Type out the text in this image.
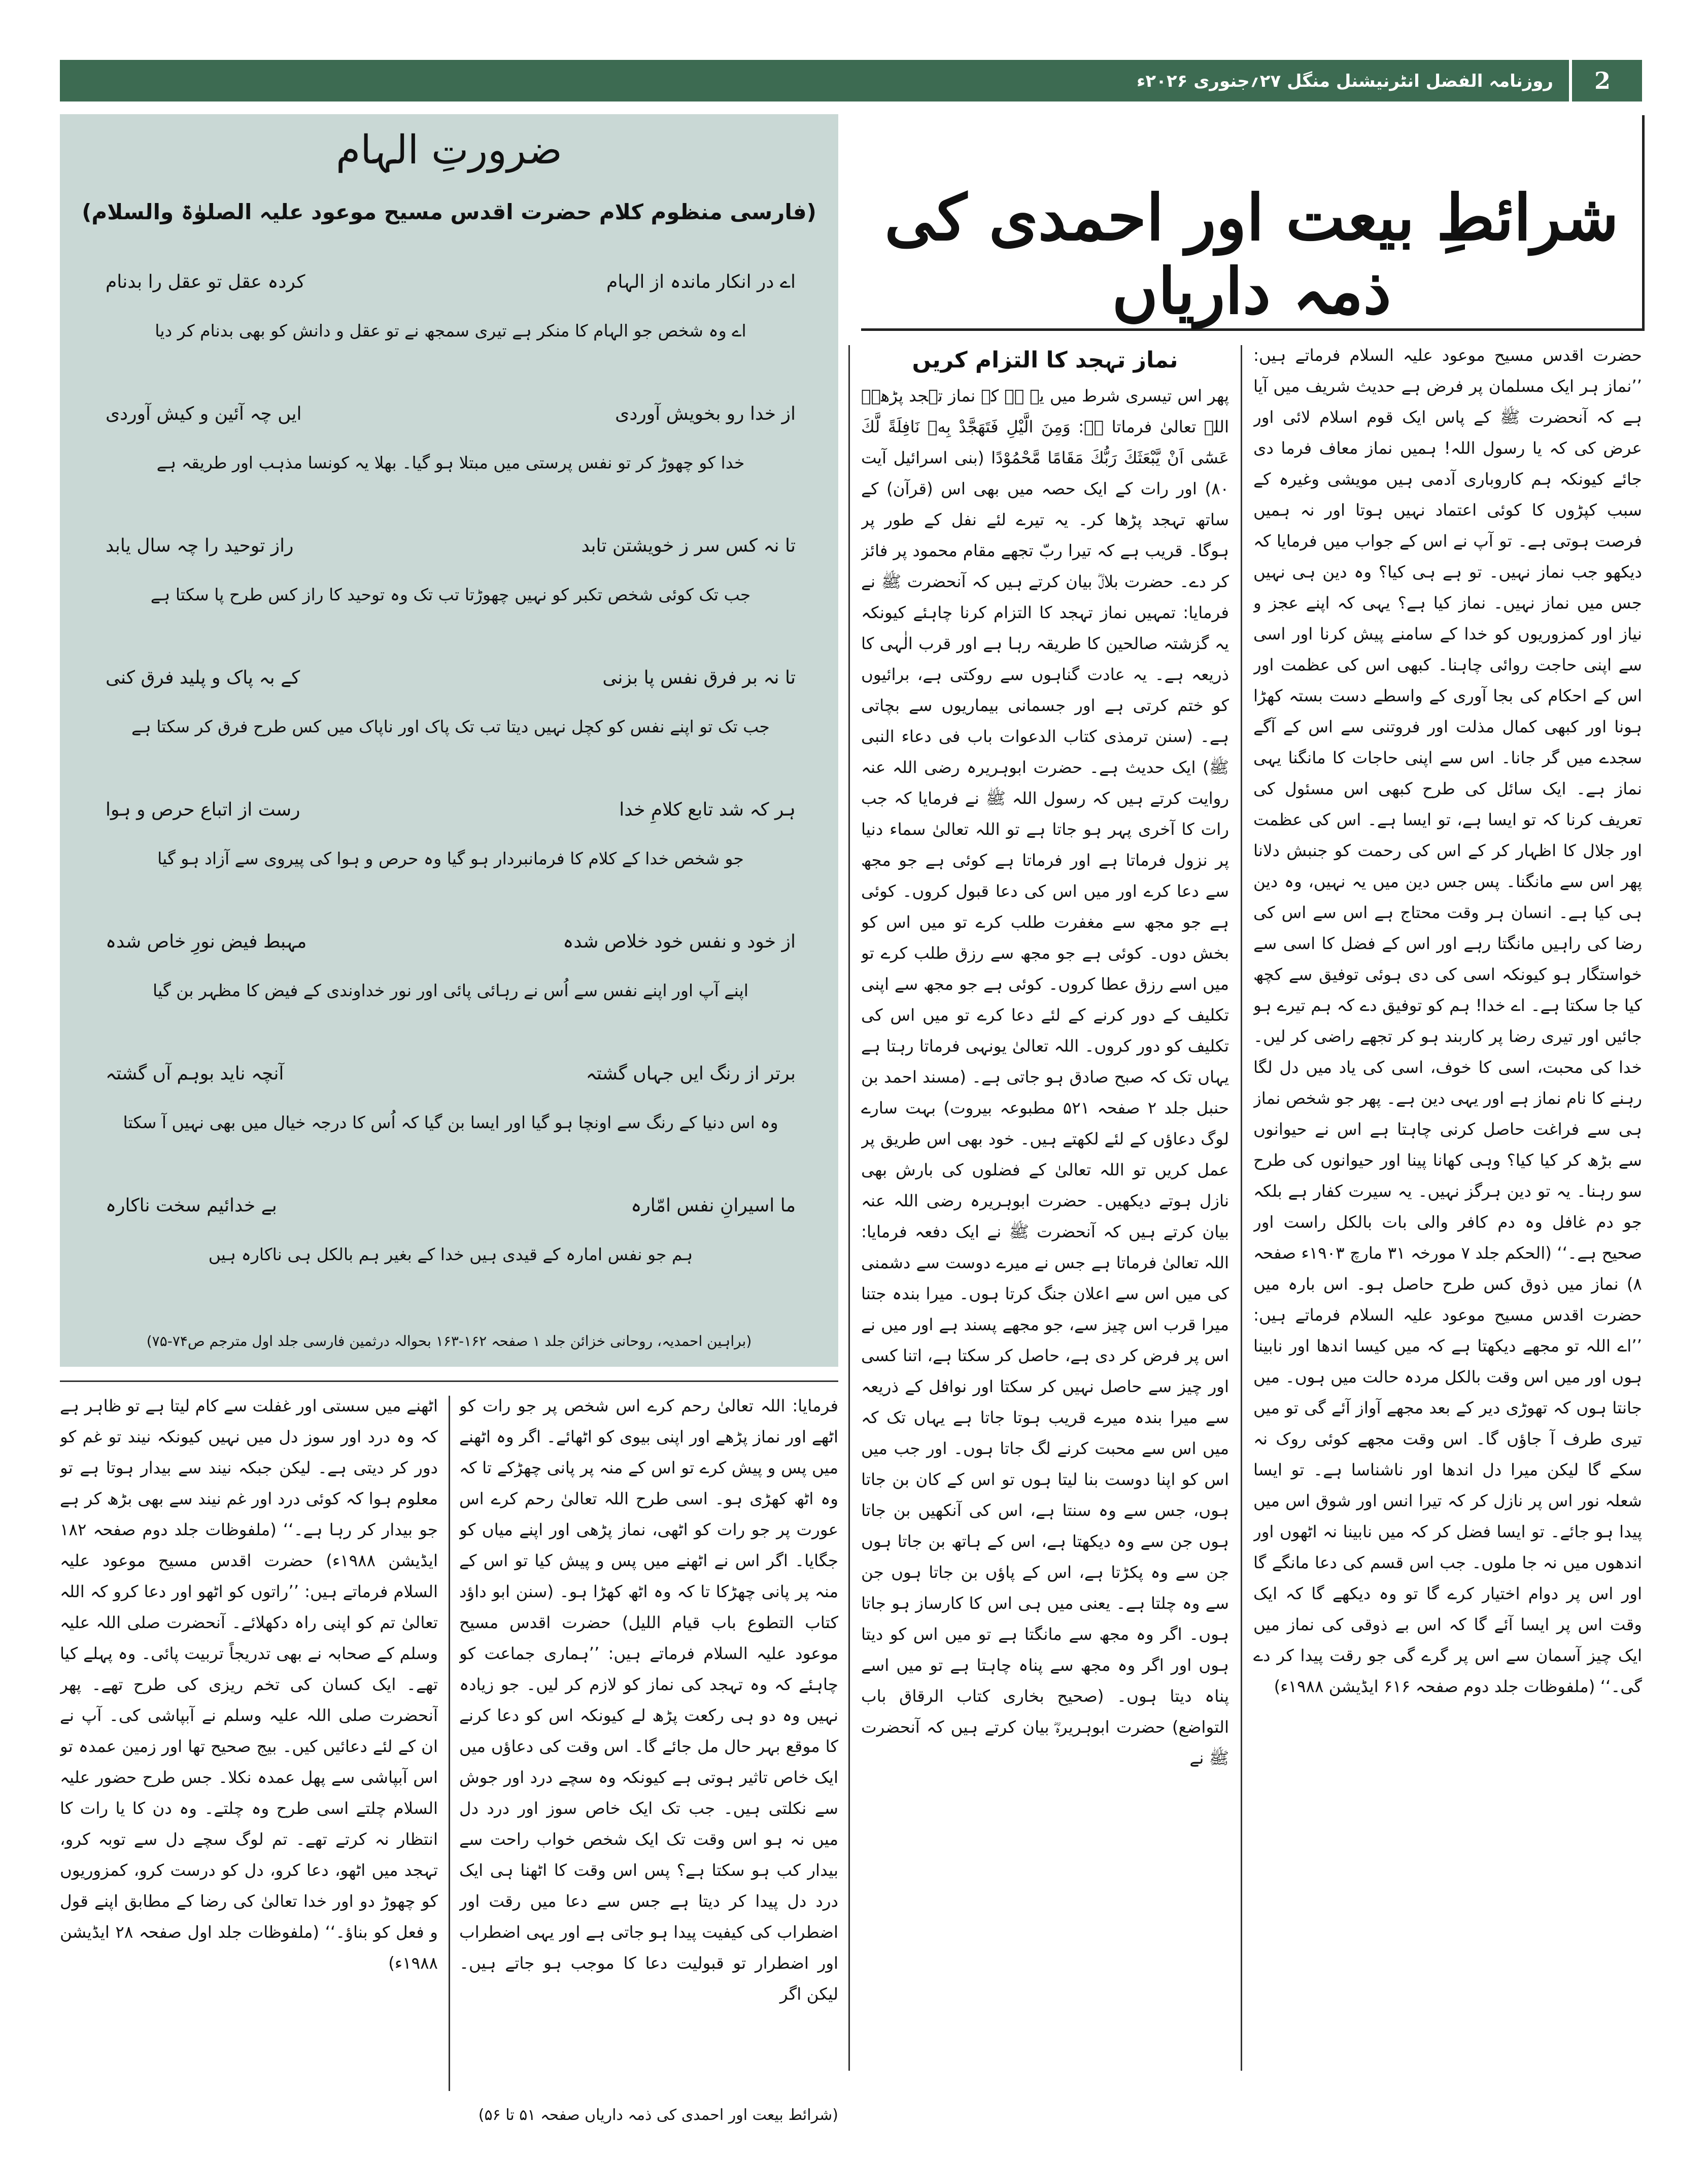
2
روزنامہ الفضل انٹرنیشنل منگل ۲۷؍جنوری ۲۰۲۶ء
ضرورتِ الہام
(فارسی منظوم کلام حضرت اقدس مسیح موعود علیہ الصلوٰۃ والسلام)
اے در انکار ماندہ از الہام
کردہ عقل تو عقل را بدنام
اے وہ شخص جو الہام کا منکر ہے تیری سمجھ نے تو عقل و دانش کو بھی بدنام کر دیا
از خدا رو بخویش آوردی
ایں چہ آئین و کیش آوردی
خدا کو چھوڑ کر تو نفس پرستی میں مبتلا ہو گیا۔ بھلا یہ کونسا مذہب اور طریقہ ہے
تا نہ کس سر ز خویشتن تابد
راز توحید را چہ سال یابد
جب تک کوئی شخص تکبر کو نہیں چھوڑتا تب تک وہ توحید کا راز کس طرح پا سکتا ہے
تا نہ بر فرق نفس پا بزنی
کے بہ پاک و پلید فرق کنی
جب تک تو اپنے نفس کو کچل نہیں دیتا تب تک پاک اور ناپاک میں کس طرح فرق کر سکتا ہے
ہر کہ شد تابع کلامِ خدا
رست از اتباع حرص و ہوا
جو شخص خدا کے کلام کا فرمانبردار ہو گیا وہ حرص و ہوا کی پیروی سے آزاد ہو گیا
از خود و نفس خود خلاص شدہ
مہبط فیض نورِ خاص شدہ
اپنے آپ اور اپنے نفس سے اُس نے رہائی پائی اور نور خداوندی کے فیض کا مظہر بن گیا
برتر از رنگ ایں جہاں گشتہ
آنچہ ناید بوہم آں گشتہ
وہ اس دنیا کے رنگ سے اونچا ہو گیا اور ایسا بن گیا کہ اُس کا درجہ خیال میں بھی نہیں آ سکتا
ما اسیرانِ نفس امّارہ
بے خدائیم سخت ناکارہ
ہم جو نفس امارہ کے قیدی ہیں خدا کے بغیر ہم بالکل ہی ناکارہ ہیں
(براہین احمدیہ، روحانی خزائن جلد ۱ صفحہ ۱۶۲-۱۶۳ بحوالہ درثمین فارسی جلد اول مترجم ص۷۴-۷۵)
شرائطِ بیعت اور احمدی کی ذمہ داریاں

حضرت اقدس مسیح موعود علیہ السلام فرماتے ہیں: ’’نماز ہر ایک مسلمان پر فرض ہے حدیث شریف میں آیا ہے کہ آنحضرت ﷺ کے پاس ایک قوم اسلام لائی اور عرض کی کہ یا رسول اللہ! ہمیں نماز معاف فرما دی جائے کیونکہ ہم کاروباری آدمی ہیں مویشی وغیرہ کے سبب کپڑوں کا کوئی اعتماد نہیں ہوتا اور نہ ہمیں فرصت ہوتی ہے۔ تو آپ نے اس کے جواب میں فرمایا کہ دیکھو جب نماز نہیں۔ تو ہے ہی کیا؟ وہ دین ہی نہیں جس میں نماز نہیں۔ نماز کیا ہے؟ یہی کہ اپنے عجز و نیاز اور کمزوریوں کو خدا کے سامنے پیش کرنا اور اسی سے اپنی حاجت روائی چاہنا۔ کبھی اس کی عظمت اور اس کے احکام کی بجا آوری کے واسطے دست بستہ کھڑا ہونا اور کبھی کمال مذلت اور فروتنی سے اس کے آگے سجدے میں گر جانا۔ اس سے اپنی حاجات کا مانگنا یہی نماز ہے۔ ایک سائل کی طرح کبھی اس مسئول کی تعریف کرنا کہ تو ایسا ہے، تو ایسا ہے۔ اس کی عظمت اور جلال کا اظہار کر کے اس کی رحمت کو جنبش دلانا پھر اس سے مانگنا۔ پس جس دین میں یہ نہیں، وہ دین ہی کیا ہے۔ انسان ہر وقت محتاج ہے اس سے اس کی رضا کی راہیں مانگتا رہے اور اس کے فضل کا اسی سے خواستگار ہو کیونکہ اسی کی دی ہوئی توفیق سے کچھ کیا جا سکتا ہے۔ اے خدا! ہم کو توفیق دے کہ ہم تیرے ہو جائیں اور تیری رضا پر کاربند ہو کر تجھے راضی کر لیں۔ خدا کی محبت، اسی کا خوف، اسی کی یاد میں دل لگا رہنے کا نام نماز ہے اور یہی دین ہے۔ پھر جو شخص نماز ہی سے فراغت حاصل کرنی چاہتا ہے اس نے حیوانوں سے بڑھ کر کیا کیا؟ وہی کھانا پینا اور حیوانوں کی طرح سو رہنا۔ یہ تو دین ہرگز نہیں۔ یہ سیرت کفار ہے بلکہ جو دم غافل وہ دم کافر والی بات بالکل راست اور صحیح ہے۔‘‘ (الحکم جلد ۷ مورخہ ۳۱ مارچ ۱۹۰۳ء صفحہ ۸) نماز میں ذوق کس طرح حاصل ہو۔ اس بارہ میں حضرت اقدس مسیح موعود علیہ السلام فرماتے ہیں: ’’اے اللہ تو مجھے دیکھتا ہے کہ میں کیسا اندھا اور نابینا ہوں اور میں اس وقت بالکل مردہ حالت میں ہوں۔ میں جانتا ہوں کہ تھوڑی دیر کے بعد مجھے آواز آئے گی تو میں تیری طرف آ جاؤں گا۔ اس وقت مجھے کوئی روک نہ سکے گا لیکن میرا دل اندھا اور ناشناسا ہے۔ تو ایسا شعلہ نور اس پر نازل کر کہ تیرا انس اور شوق اس میں پیدا ہو جائے۔ تو ایسا فضل کر کہ میں نابینا نہ اٹھوں اور اندھوں میں نہ جا ملوں۔ جب اس قسم کی دعا مانگے گا اور اس پر دوام اختیار کرے گا تو وہ دیکھے گا کہ ایک وقت اس پر ایسا آئے گا کہ اس بے ذوقی کی نماز میں ایک چیز آسمان سے اس پر گرے گی جو رقت پیدا کر دے گی۔‘‘ (ملفوظات جلد دوم صفحہ ۶۱۶ ایڈیشن ۱۹۸۸ء)

نماز تہجد کا التزام کریں

پھر اس تیسری شرط میں یہ ہے کہ نماز تہجد پڑھے۔ اللہ تعالیٰ فرماتا ہے: وَمِنَ الَّيْلِ فَتَهَجَّدْ بِهٖ نَافِلَةً لَّكَ عَسٰٓى اَنْ يَّبْعَثَكَ رَبُّكَ مَقَامًا مَّحْمُوْدًا (بنی اسرائیل آیت ۸۰) اور رات کے ایک حصہ میں بھی اس (قرآن) کے ساتھ تہجد پڑھا کر۔ یہ تیرے لئے نفل کے طور پر ہوگا۔ قریب ہے کہ تیرا ربّ تجھے مقام محمود پر فائز کر دے۔ حضرت بلالؓ بیان کرتے ہیں کہ آنحضرت ﷺ نے فرمایا: تمہیں نماز تہجد کا التزام کرنا چاہئے کیونکہ یہ گزشتہ صالحین کا طریقہ رہا ہے اور قرب الٰہی کا ذریعہ ہے۔ یہ عادت گناہوں سے روکتی ہے، برائیوں کو ختم کرتی ہے اور جسمانی بیماریوں سے بچاتی ہے۔ (سنن ترمذی کتاب الدعوات باب فی دعاء النبی ﷺ) ایک حدیث ہے۔ حضرت ابوہریرہ رضی اللہ عنہ روایت کرتے ہیں کہ رسول اللہ ﷺ نے فرمایا کہ جب رات کا آخری پہر ہو جاتا ہے تو اللہ تعالیٰ سماء دنیا پر نزول فرماتا ہے اور فرماتا ہے کوئی ہے جو مجھ سے دعا کرے اور میں اس کی دعا قبول کروں۔ کوئی ہے جو مجھ سے مغفرت طلب کرے تو میں اس کو بخش دوں۔ کوئی ہے جو مجھ سے رزق طلب کرے تو میں اسے رزق عطا کروں۔ کوئی ہے جو مجھ سے اپنی تکلیف کے دور کرنے کے لئے دعا کرے تو میں اس کی تکلیف کو دور کروں۔ اللہ تعالیٰ یونہی فرماتا رہتا ہے یہاں تک کہ صبح صادق ہو جاتی ہے۔ (مسند احمد بن حنبل جلد ۲ صفحہ ۵۲۱ مطبوعہ بیروت) بہت سارے لوگ دعاؤں کے لئے لکھتے ہیں۔ خود بھی اس طریق پر عمل کریں تو اللہ تعالیٰ کے فضلوں کی بارش بھی نازل ہوتے دیکھیں۔ حضرت ابوہریرہ رضی اللہ عنہ بیان کرتے ہیں کہ آنحضرت ﷺ نے ایک دفعہ فرمایا: اللہ تعالیٰ فرماتا ہے جس نے میرے دوست سے دشمنی کی میں اس سے اعلان جنگ کرتا ہوں۔ میرا بندہ جتنا میرا قرب اس چیز سے، جو مجھے پسند ہے اور میں نے اس پر فرض کر دی ہے، حاصل کر سکتا ہے، اتنا کسی اور چیز سے حاصل نہیں کر سکتا اور نوافل کے ذریعہ سے میرا بندہ میرے قریب ہوتا جاتا ہے یہاں تک کہ میں اس سے محبت کرنے لگ جاتا ہوں۔ اور جب میں اس کو اپنا دوست بنا لیتا ہوں تو اس کے کان بن جاتا ہوں، جس سے وہ سنتا ہے، اس کی آنکھیں بن جاتا ہوں جن سے وہ دیکھتا ہے، اس کے ہاتھ بن جاتا ہوں جن سے وہ پکڑتا ہے، اس کے پاؤں بن جاتا ہوں جن سے وہ چلتا ہے۔ یعنی میں ہی اس کا کارساز ہو جاتا ہوں۔ اگر وہ مجھ سے مانگتا ہے تو میں اس کو دیتا ہوں اور اگر وہ مجھ سے پناہ چاہتا ہے تو میں اسے پناہ دیتا ہوں۔ (صحیح بخاری کتاب الرقاق باب التواضع) حضرت ابوہریرہؓ بیان کرتے ہیں کہ آنحضرت ﷺ نے

فرمایا: اللہ تعالیٰ رحم کرے اس شخص پر جو رات کو اٹھے اور نماز پڑھے اور اپنی بیوی کو اٹھائے۔ اگر وہ اٹھنے میں پس و پیش کرے تو اس کے منہ پر پانی چھڑکے تا کہ وہ اٹھ کھڑی ہو۔ اسی طرح اللہ تعالیٰ رحم کرے اس عورت پر جو رات کو اٹھی، نماز پڑھی اور اپنے میاں کو جگایا۔ اگر اس نے اٹھنے میں پس و پیش کیا تو اس کے منہ پر پانی چھڑکا تا کہ وہ اٹھ کھڑا ہو۔ (سنن ابو داؤد کتاب التطوع باب قیام اللیل) حضرت اقدس مسیح موعود علیہ السلام فرماتے ہیں: ’’ہماری جماعت کو چاہئے کہ وہ تہجد کی نماز کو لازم کر لیں۔ جو زیادہ نہیں وہ دو ہی رکعت پڑھ لے کیونکہ اس کو دعا کرنے کا موقع بہر حال مل جائے گا۔ اس وقت کی دعاؤں میں ایک خاص تاثیر ہوتی ہے کیونکہ وہ سچے درد اور جوش سے نکلتی ہیں۔ جب تک ایک خاص سوز اور درد دل میں نہ ہو اس وقت تک ایک شخص خواب راحت سے بیدار کب ہو سکتا ہے؟ پس اس وقت کا اٹھنا ہی ایک درد دل پیدا کر دیتا ہے جس سے دعا میں رقت اور اضطراب کی کیفیت پیدا ہو جاتی ہے اور یہی اضطراب اور اضطرار تو قبولیت دعا کا موجب ہو جاتے ہیں۔ لیکن اگر

اٹھنے میں سستی اور غفلت سے کام لیتا ہے تو ظاہر ہے کہ وہ درد اور سوز دل میں نہیں کیونکہ نیند تو غم کو دور کر دیتی ہے۔ لیکن جبکہ نیند سے بیدار ہوتا ہے تو معلوم ہوا کہ کوئی درد اور غم نیند سے بھی بڑھ کر ہے جو بیدار کر رہا ہے۔‘‘ (ملفوظات جلد دوم صفحہ ۱۸۲ ایڈیشن ۱۹۸۸ء) حضرت اقدس مسیح موعود علیہ السلام فرماتے ہیں: ’’راتوں کو اٹھو اور دعا کرو کہ اللہ تعالیٰ تم کو اپنی راہ دکھلائے۔ آنحضرت صلی اللہ علیہ وسلم کے صحابہ نے بھی تدریجاً تربیت پائی۔ وہ پہلے کیا تھے۔ ایک کسان کی تخم ریزی کی طرح تھے۔ پھر آنحضرت صلی اللہ علیہ وسلم نے آبپاشی کی۔ آپ نے ان کے لئے دعائیں کیں۔ بیج صحیح تھا اور زمین عمدہ تو اس آبپاشی سے پھل عمدہ نکلا۔ جس طرح حضور علیہ السلام چلتے اسی طرح وہ چلتے۔ وہ دن کا یا رات کا انتظار نہ کرتے تھے۔ تم لوگ سچے دل سے توبہ کرو، تہجد میں اٹھو، دعا کرو، دل کو درست کرو، کمزوریوں کو چھوڑ دو اور خدا تعالیٰ کی رضا کے مطابق اپنے قول و فعل کو بناؤ۔‘‘ (ملفوظات جلد اول صفحہ ۲۸ ایڈیشن ۱۹۸۸ء)

(شرائط بیعت اور احمدی کی ذمہ داریاں صفحہ ۵۱ تا ۵۶)
